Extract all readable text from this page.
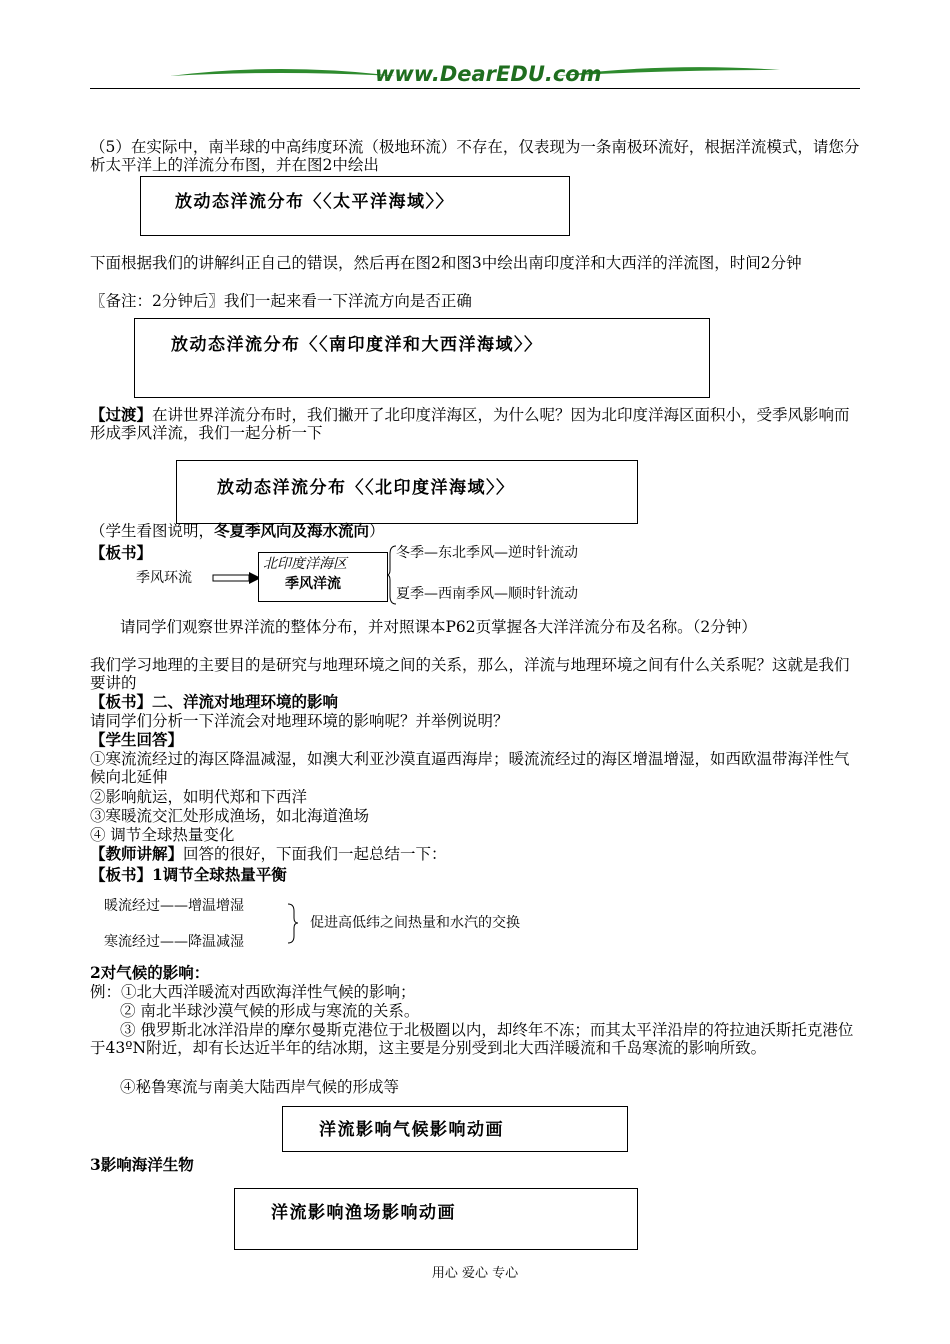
www.DearEDU.com

（5）在实际中，南半球的中高纬度环流（极地环流）不存在，仅表现为一条南极环流好，根据洋流模式，请您分析太平洋上的洋流分布图，并在图2中绘出

放动态洋流分布〈〈太平洋海域〉〉

下面根据我们的讲解纠正自己的错误，然后再在图2和图3中绘出南印度洋和大西洋的洋流图，时间2分钟

〖备注：2分钟后〗我们一起来看一下洋流方向是否正确

放动态洋流分布〈〈南印度洋和大西洋海域〉〉

【过渡】在讲世界洋流分布时，我们撇开了北印度洋海区，为什么呢？因为北印度洋海区面积小，受季风影响而形成季风洋流，我们一起分析一下

放动态洋流分布〈〈北印度洋海域〉〉

（学生看图说明，冬夏季风向及海水流向）

【板书】
季风环流
北印度洋海区
季风洋流
冬季—东北季风—逆时针流动
夏季—西南季风—顺时针流动

请同学们观察世界洋流的整体分布，并对照课本P62页掌握各大洋洋流分布及名称。（2分钟）

我们学习地理的主要目的是研究与地理环境之间的关系，那么，洋流与地理环境之间有什么关系呢？这就是我们要讲的

【板书】二、洋流对地理环境的影响

请同学们分析一下洋流会对地理环境的影响呢？并举例说明？

【学生回答】

①寒流流经过的海区降温减湿，如澳大利亚沙漠直逼西海岸；暖流流经过的海区增温增湿，如西欧温带海洋性气候向北延伸

②影响航运，如明代郑和下西洋

③寒暖流交汇处形成渔场，如北海道渔场

④ 调节全球热量变化

【教师讲解】回答的很好，下面我们一起总结一下：

【板书】1调节全球热量平衡

暖流经过——增温增湿
寒流经过——降温减湿
促进高低纬之间热量和水汽的交换

2对气候的影响：

例：①北大西洋暖流对西欧海洋性气候的影响；

② 南北半球沙漠气候的形成与寒流的关系。

③ 俄罗斯北冰洋沿岸的摩尔曼斯克港位于北极圈以内，却终年不冻；而其太平洋沿岸的符拉迪沃斯托克港位于43ºN附近，却有长达近半年的结冰期，这主要是分别受到北大西洋暖流和千岛寒流的影响所致。

④秘鲁寒流与南美大陆西岸气候的形成等

洋流影响气候影响动画

3影响海洋生物

洋流影响渔场影响动画
用心 爱心 专心
